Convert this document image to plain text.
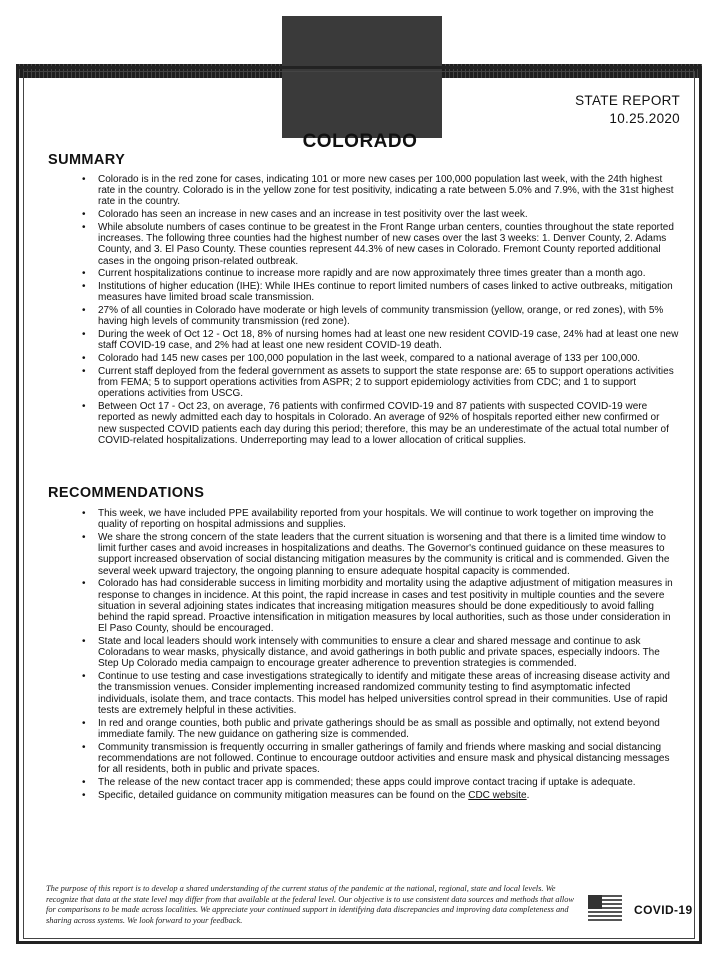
STATE REPORT
10.25.2020
COLORADO
SUMMARY
• Colorado is in the red zone for cases, indicating 101 or more new cases per 100,000 population last week, with the 24th highest rate in the country. Colorado is in the yellow zone for test positivity, indicating a rate between 5.0% and 7.9%, with the 31st highest rate in the country.
• Colorado has seen an increase in new cases and an increase in test positivity over the last week.
• While absolute numbers of cases continue to be greatest in the Front Range urban centers, counties throughout the state reported increases. The following three counties had the highest number of new cases over the last 3 weeks: 1. Denver County, 2. Adams County, and 3. El Paso County. These counties represent 44.3% of new cases in Colorado. Fremont County reported additional cases in the ongoing prison-related outbreak.
• Current hospitalizations continue to increase more rapidly and are now approximately three times greater than a month ago.
• Institutions of higher education (IHE): While IHEs continue to report limited numbers of cases linked to active outbreaks, mitigation measures have limited broad scale transmission.
• 27% of all counties in Colorado have moderate or high levels of community transmission (yellow, orange, or red zones), with 5% having high levels of community transmission (red zone).
• During the week of Oct 12 - Oct 18, 8% of nursing homes had at least one new resident COVID-19 case, 24% had at least one new staff COVID-19 case, and 2% had at least one new resident COVID-19 death.
• Colorado had 145 new cases per 100,000 population in the last week, compared to a national average of 133 per 100,000.
• Current staff deployed from the federal government as assets to support the state response are: 65 to support operations activities from FEMA; 5 to support operations activities from ASPR; 2 to support epidemiology activities from CDC; and 1 to support operations activities from USCG.
• Between Oct 17 - Oct 23, on average, 76 patients with confirmed COVID-19 and 87 patients with suspected COVID-19 were reported as newly admitted each day to hospitals in Colorado. An average of 92% of hospitals reported either new confirmed or new suspected COVID patients each day during this period; therefore, this may be an underestimate of the actual total number of COVID-related hospitalizations. Underreporting may lead to a lower allocation of critical supplies.
RECOMMENDATIONS
• This week, we have included PPE availability reported from your hospitals. We will continue to work together on improving the quality of reporting on hospital admissions and supplies.
• We share the strong concern of the state leaders that the current situation is worsening and that there is a limited time window to limit further cases and avoid increases in hospitalizations and deaths. The Governor's continued guidance on these measures to support increased observation of social distancing mitigation measures by the community is critical and is commended. Given the several week upward trajectory, the ongoing planning to ensure adequate hospital capacity is commended.
• Colorado has had considerable success in limiting morbidity and mortality using the adaptive adjustment of mitigation measures in response to changes in incidence. At this point, the rapid increase in cases and test positivity in multiple counties and the severe situation in several adjoining states indicates that increasing mitigation measures should be done expeditiously to avoid falling behind the rapid spread. Proactive intensification in mitigation measures by local authorities, such as those under consideration in El Paso County, should be encouraged.
• State and local leaders should work intensely with communities to ensure a clear and shared message and continue to ask Coloradans to wear masks, physically distance, and avoid gatherings in both public and private spaces, especially indoors. The Step Up Colorado media campaign to encourage greater adherence to prevention strategies is commended.
• Continue to use testing and case investigations strategically to identify and mitigate these areas of increasing disease activity and the transmission venues. Consider implementing increased randomized community testing to find asymptomatic infected individuals, isolate them, and trace contacts. This model has helped universities control spread in their communities. Use of rapid tests are extremely helpful in these activities.
• In red and orange counties, both public and private gatherings should be as small as possible and optimally, not extend beyond immediate family. The new guidance on gathering size is commended.
• Community transmission is frequently occurring in smaller gatherings of family and friends where masking and social distancing recommendations are not followed. Continue to encourage outdoor activities and ensure mask and physical distancing messages for all residents, both in public and private spaces.
• The release of the new contact tracer app is commended; these apps could improve contact tracing if uptake is adequate.
• Specific, detailed guidance on community mitigation measures can be found on the CDC website.
The purpose of this report is to develop a shared understanding of the current status of the pandemic at the national, regional, state and local levels. We recognize that data at the state level may differ from that available at the federal level. Our objective is to use consistent data sources and methods that allow for comparisons to be made across localities. We appreciate your continued support in identifying data discrepancies and improving data completeness and sharing across systems. We look forward to your feedback.
COVID-19
